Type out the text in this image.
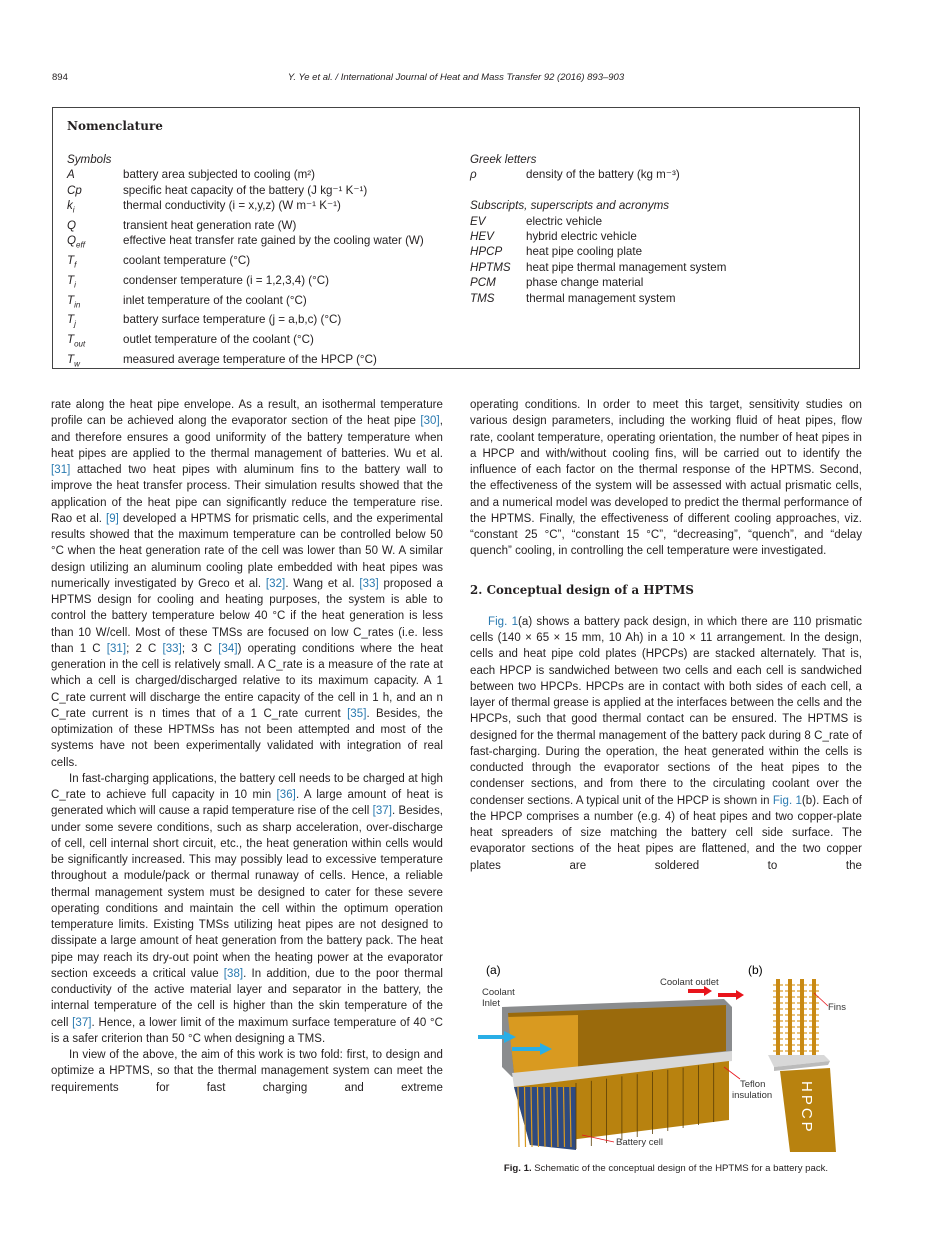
894	Y. Ye et al. / International Journal of Heat and Mass Transfer 92 (2016) 893–903
Nomenclature
Symbols
A	battery area subjected to cooling (m²)
Cp	specific heat capacity of the battery (J kg⁻¹ K⁻¹)
$k_i$	thermal conductivity (i = x,y,z) (W m⁻¹ K⁻¹)
Q	transient heat generation rate (W)
$Q_{eff}$	effective heat transfer rate gained by the cooling water (W)
$T_f$	coolant temperature (°C)
$T_i$	condenser temperature (i = 1,2,3,4) (°C)
$T_{in}$	inlet temperature of the coolant (°C)
$T_j$	battery surface temperature (j = a,b,c) (°C)
$T_{out}$	outlet temperature of the coolant (°C)
$T_w$	measured average temperature of the HPCP (°C)
Greek letters
ρ	density of the battery (kg m⁻³)
Subscripts, superscripts and acronyms
EV	electric vehicle
HEV	hybrid electric vehicle
HPCP	heat pipe cooling plate
HPTMS	heat pipe thermal management system
PCM	phase change material
TMS	thermal management system

rate along the heat pipe envelope. As a result, an isothermal temperature profile can be achieved along the evaporator section of the heat pipe [30], and therefore ensures a good uniformity of the battery temperature when heat pipes are applied to the thermal management of batteries. Wu et al. [31] attached two heat pipes with aluminum fins to the battery wall to improve the heat transfer process. Their simulation results showed that the application of the heat pipe can significantly reduce the temperature rise. Rao et al. [9] developed a HPTMS for prismatic cells, and the experimental results showed that the maximum temperature can be controlled below 50 °C when the heat generation rate of the cell was lower than 50 W. A similar design utilizing an aluminum cooling plate embedded with heat pipes was numerically investigated by Greco et al. [32]. Wang et al. [33] proposed a HPTMS design for cooling and heating purposes, the system is able to control the battery temperature below 40 °C if the heat generation is less than 10 W/cell. Most of these TMSs are focused on low C_rates (i.e. less than 1 C [31]; 2 C [33]; 3 C [34]) operating conditions where the heat generation in the cell is relatively small. A C_rate is a measure of the rate at which a cell is charged/discharged relative to its maximum capacity. A 1 C_rate current will discharge the entire capacity of the cell in 1 h, and an n C_rate current is n times that of a 1 C_rate current [35]. Besides, the optimization of these HPTMSs has not been attempted and most of the systems have not been experimentally validated with integration of real cells.

In fast-charging applications, the battery cell needs to be charged at high C_rate to achieve full capacity in 10 min [36]. A large amount of heat is generated which will cause a rapid temperature rise of the cell [37]. Besides, under some severe conditions, such as sharp acceleration, over-discharge of cell, cell internal short circuit, etc., the heat generation within cells would be significantly increased. This may possibly lead to excessive temperature throughout a module/pack or thermal runaway of cells. Hence, a reliable thermal management system must be designed to cater for these severe operating conditions and maintain the cell within the optimum operation temperature limits. Existing TMSs utilizing heat pipes are not designed to dissipate a large amount of heat generation from the battery pack. The heat pipe may reach its dry-out point when the heating power at the evaporator section exceeds a critical value [38]. In addition, due to the poor thermal conductivity of the active material layer and separator in the battery, the internal temperature of the cell is higher than the skin temperature of the cell [37]. Hence, a lower limit of the maximum surface temperature of 40 °C is a safer criterion than 50 °C when designing a TMS.

In view of the above, the aim of this work is two fold: first, to design and optimize a HPTMS, so that the thermal management system can meet the requirements for fast charging and extreme

operating conditions. In order to meet this target, sensitivity studies on various design parameters, including the working fluid of heat pipes, flow rate, coolant temperature, operating orientation, the number of heat pipes in a HPCP and with/without cooling fins, will be carried out to identify the influence of each factor on the thermal response of the HPTMS. Second, the effectiveness of the system will be assessed with actual prismatic cells, and a numerical model was developed to predict the thermal performance of the HPTMS. Finally, the effectiveness of different cooling approaches, viz. “constant 25 °C”, “constant 15 °C”, “decreasing”, “quench”, and “delay quench” cooling, in controlling the cell temperature were investigated.

2. Conceptual design of a HPTMS

Fig. 1(a) shows a battery pack design, in which there are 110 prismatic cells (140 × 65 × 15 mm, 10 Ah) in a 10 × 11 arrangement. In the design, cells and heat pipe cold plates (HPCPs) are stacked alternately. That is, each HPCP is sandwiched between two cells and each cell is sandwiched between two HPCPs. HPCPs are in contact with both sides of each cell, a layer of thermal grease is applied at the interfaces between the cells and the HPCPs, such that good thermal contact can be ensured. The HPTMS is designed for the thermal management of the battery pack during 8 C_rate of fast-charging. During the operation, the heat generated within the cells is conducted through the evaporator sections of the heat pipes to the condenser sections, and from there to the circulating coolant over the condenser sections. A typical unit of the HPCP is shown in Fig. 1(b). Each of the HPCP comprises a number (e.g. 4) of heat pipes and two copper-plate heat spreaders of size matching the battery cell side surface. The evaporator sections of the heat pipes are flattened, and the two copper plates are soldered to the

(a)	(b)
Coolant
Inlet
Coolant outlet
HPCP
Teflon
insulation
Battery cell
Fins
Fig. 1. Schematic of the conceptual design of the HPTMS for a battery pack.
